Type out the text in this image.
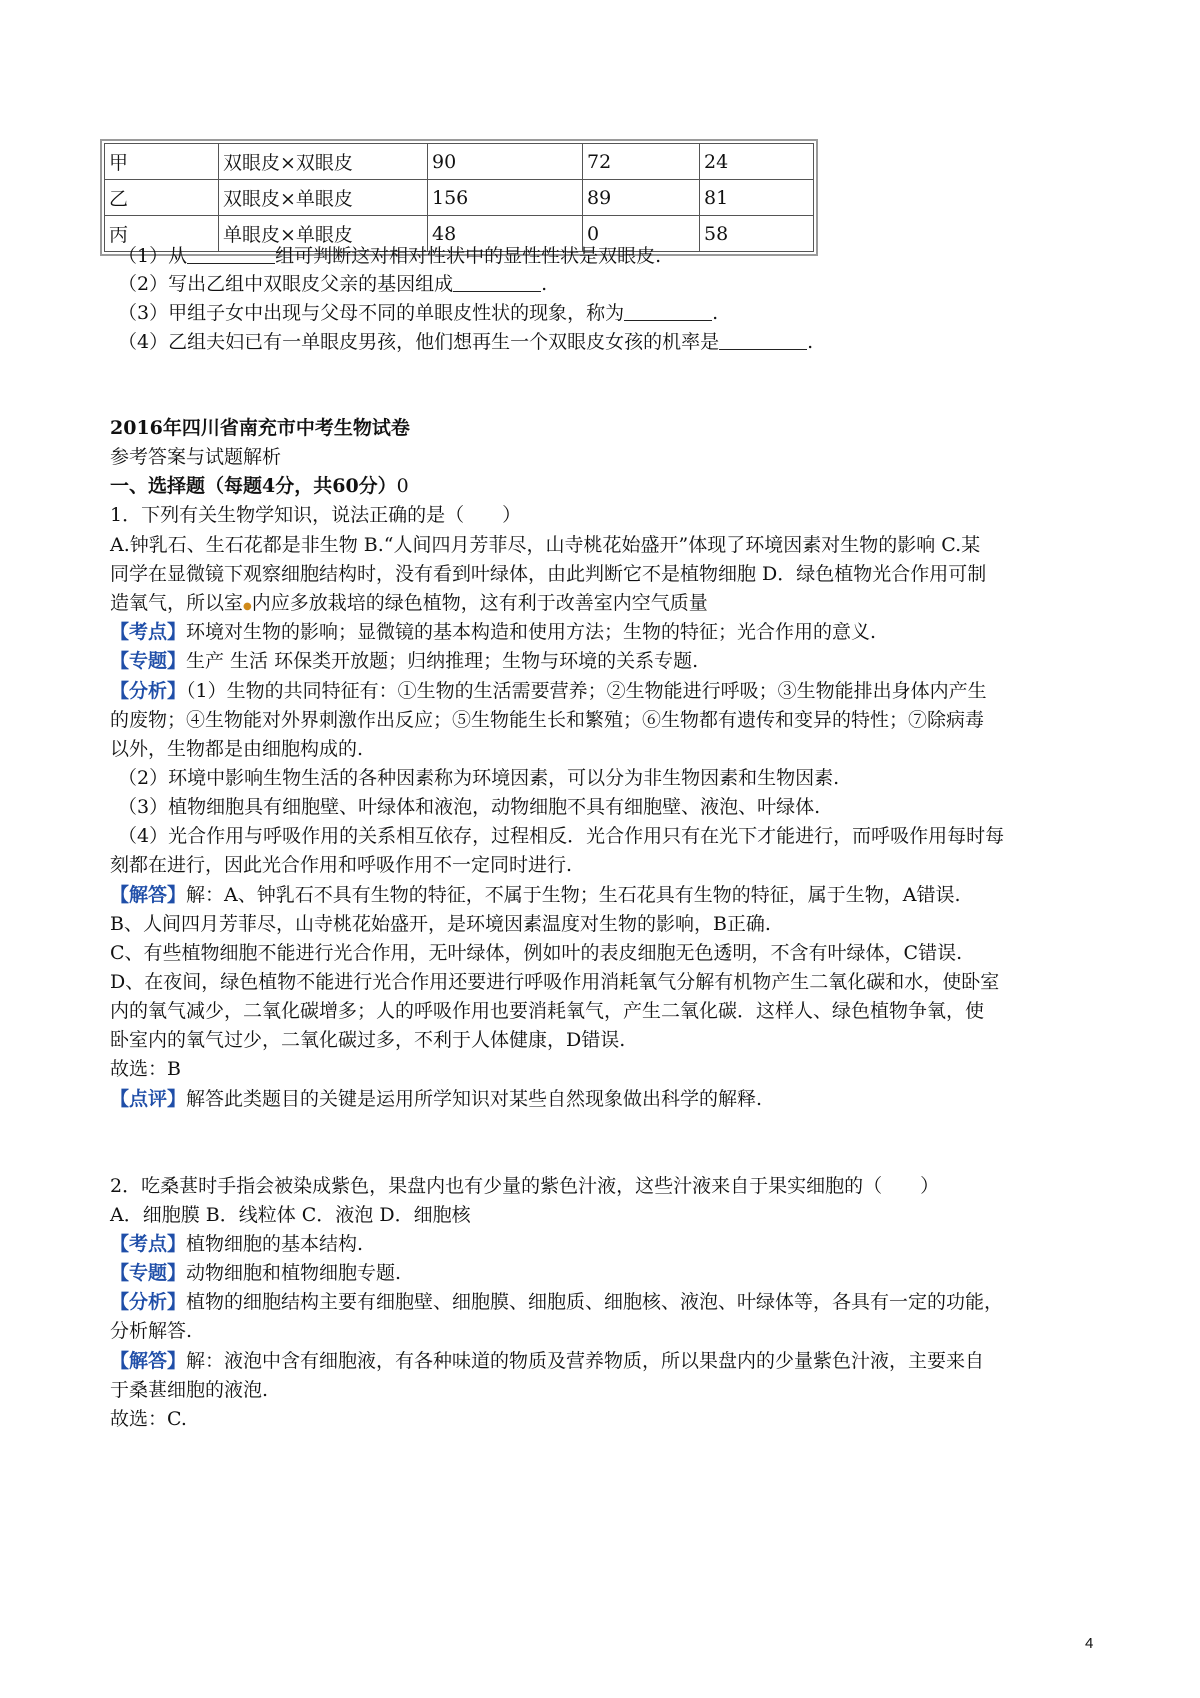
甲	双眼皮×双眼皮	90	72	24
乙	双眼皮×单眼皮	156	89	81
丙	单眼皮×单眼皮	48	0	58
（1）从	组可判断这对相对性状中的显性性状是双眼皮.
（2）写出乙组中双眼皮父亲的基因组成	.
（3）甲组子女中出现与父母不同的单眼皮性状的现象，称为	.
（4）乙组夫妇已有一单眼皮男孩，他们想再生一个双眼皮女孩的机率是	.
2016年四川省南充市中考生物试卷
参考答案与试题解析
一、选择题（每题4分，共60分）0
1．下列有关生物学知识，说法正确的是（　　）
A.钟乳石、生石花都是非生物 B.“人间四月芳菲尽，山寺桃花始盛开”体现了环境因素对生物的影响 C.某
同学在显微镜下观察细胞结构时，没有看到叶绿体，由此判断它不是植物细胞 D．绿色植物光合作用可制
造氧气，所以室●内应多放栽培的绿色植物，这有利于改善室内空气质量
【考点】环境对生物的影响；显微镜的基本构造和使用方法；生物的特征；光合作用的意义.
【专题】生产 生活 环保类开放题；归纳推理；生物与环境的关系专题.
【分析】（1）生物的共同特征有：①生物的生活需要营养；②生物能进行呼吸；③生物能排出身体内产生
的废物；④生物能对外界刺激作出反应；⑤生物能生长和繁殖；⑥生物都有遗传和变异的特性；⑦除病毒
以外，生物都是由细胞构成的.
（2）环境中影响生物生活的各种因素称为环境因素，可以分为非生物因素和生物因素.
（3）植物细胞具有细胞壁、叶绿体和液泡，动物细胞不具有细胞壁、液泡、叶绿体.
（4）光合作用与呼吸作用的关系相互依存，过程相反．光合作用只有在光下才能进行，而呼吸作用每时每
刻都在进行，因此光合作用和呼吸作用不一定同时进行.
【解答】解：A、钟乳石不具有生物的特征，不属于生物；生石花具有生物的特征，属于生物，A错误.
B、人间四月芳菲尽，山寺桃花始盛开，是环境因素温度对生物的影响，B正确.
C、有些植物细胞不能进行光合作用，无叶绿体，例如叶的表皮细胞无色透明，不含有叶绿体，C错误.
D、在夜间，绿色植物不能进行光合作用还要进行呼吸作用消耗氧气分解有机物产生二氧化碳和水，使卧室
内的氧气减少，二氧化碳增多；人的呼吸作用也要消耗氧气，产生二氧化碳．这样人、绿色植物争氧，使
卧室内的氧气过少，二氧化碳过多，不利于人体健康，D错误.
故选：B
【点评】解答此类题目的关键是运用所学知识对某些自然现象做出科学的解释.
2．吃桑葚时手指会被染成紫色，果盘内也有少量的紫色汁液，这些汁液来自于果实细胞的（　　）
A．细胞膜 B．线粒体 C．液泡 D．细胞核
【考点】植物细胞的基本结构.
【专题】动物细胞和植物细胞专题.
【分析】植物的细胞结构主要有细胞壁、细胞膜、细胞质、细胞核、液泡、叶绿体等，各具有一定的功能，
分析解答.
【解答】解：液泡中含有细胞液，有各种味道的物质及营养物质，所以果盘内的少量紫色汁液，主要来自
于桑葚细胞的液泡.
故选：C.
4
